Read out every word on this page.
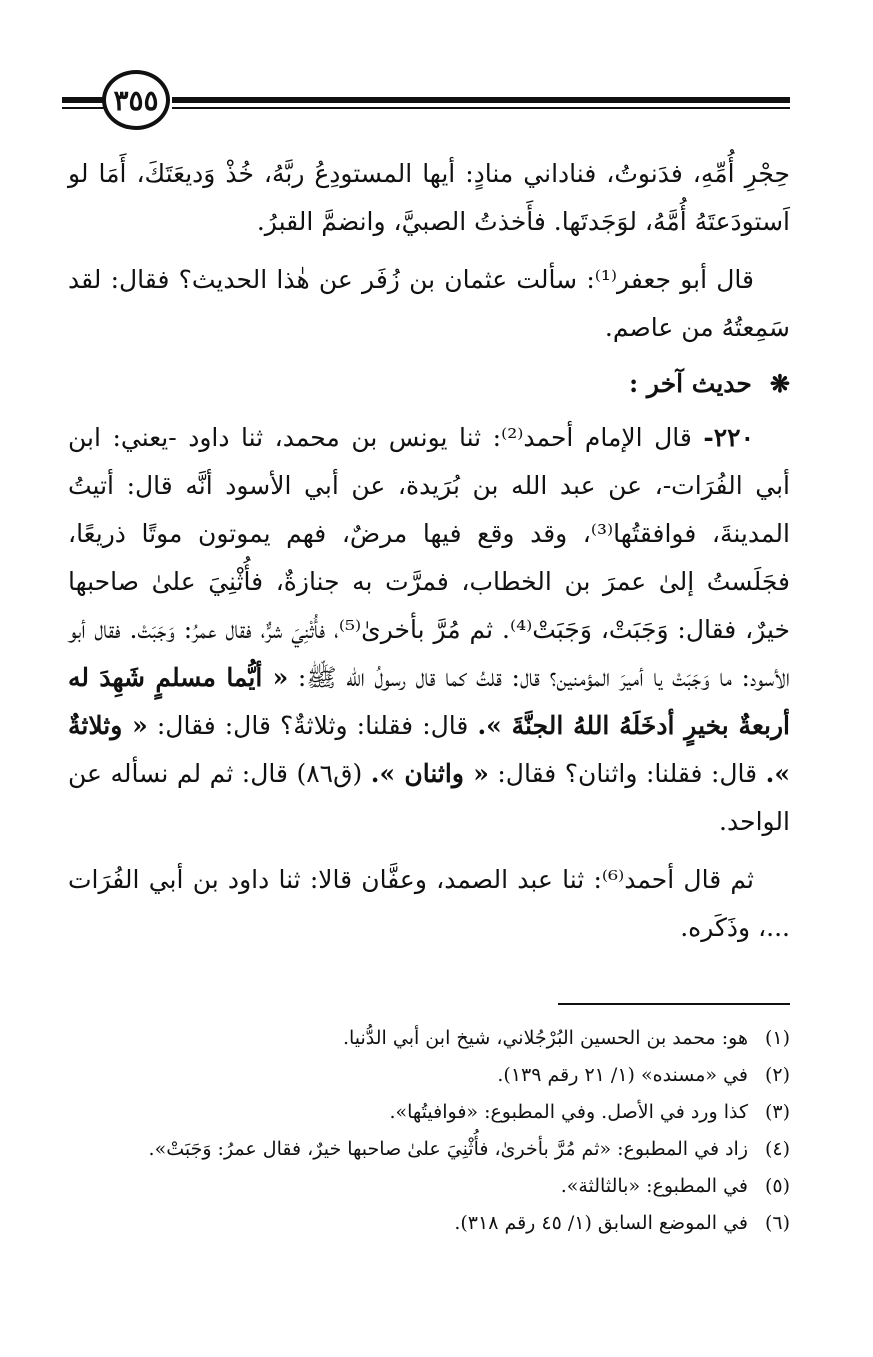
٣٥٥

حِجْرِ أُمِّهِ، فدَنوتُ، فناداني منادٍ: أيها المستودِعُ ربَّهُ، خُذْ وَديعَتَكَ، أَمَا لو اَستودَعتَهُ أُمَّهُ، لوَجَدتَها. فأَخذتُ الصبيَّ، وانضمَّ القبرُ.

قال أبو جعفر⁽¹⁾: سألت عثمان بن زُفَر عن هٰذا الحديث؟ فقال: لقد سَمِعتُهُ من عاصم.

❋حديث آخر :

٢٢٠- قال الإمام أحمد⁽²⁾: ثنا يونس بن محمد، ثنا داود -يعني: ابن أبي الفُرَات-، عن عبد الله بن بُرَيدة، عن أبي الأسود أنَّه قال: أتيتُ المدينةَ، فوافقتُها⁽³⁾، وقد وقع فيها مرضٌ، فهم يموتون موتًا ذريعًا، فجَلَستُ إلىٰ عمرَ بن الخطاب، فمرَّت به جنازةٌ، فأُثْنِيَ علىٰ صاحبها خيرٌ، فقال: وَجَبَتْ، وَجَبَتْ⁽⁴⁾. ثم مُرَّ بأخرىٰ⁽⁵⁾، فأُثْنِيَ شرٌّ، فقال عمرُ: وَجَبَتْ. فقال أبو الأسود: ما وَجَبَتْ يا أميرَ المؤمنين؟ قال: قلتُ كما قال رسولُ الله ﷺ: « أيُّما مسلمٍ شَهِدَ له أربعةٌ بخيرٍ أدخَلَهُ اللهُ الجنَّةَ ». قال: فقلنا: وثلاثةٌ؟ قال: فقال: « وثلاثةٌ ». قال: فقلنا: واثنان؟ فقال: « واثنان ». (ق٨٦) قال: ثم لم نسأله عن الواحد.

ثم قال أحمد⁽⁶⁾: ثنا عبد الصمد، وعفَّان قالا: ثنا داود بن أبي الفُرَات ...، وذَكَره.

(١)هو: محمد بن الحسين البُرْجُلاني، شيخ ابن أبي الدُّنيا.

(٢)في «مسنده» (١/ ٢١ رقم ١٣٩).

(٣)كذا ورد في الأصل. وفي المطبوع: «فوافيتُها».

(٤)زاد في المطبوع: «ثم مُرَّ بأخرىٰ، فأُثْنِيَ علىٰ صاحبها خيرٌ، فقال عمرُ: وَجَبَتْ».

(٥)في المطبوع: «بالثالثة».

(٦)في الموضع السابق (١/ ٤٥ رقم ٣١٨).
